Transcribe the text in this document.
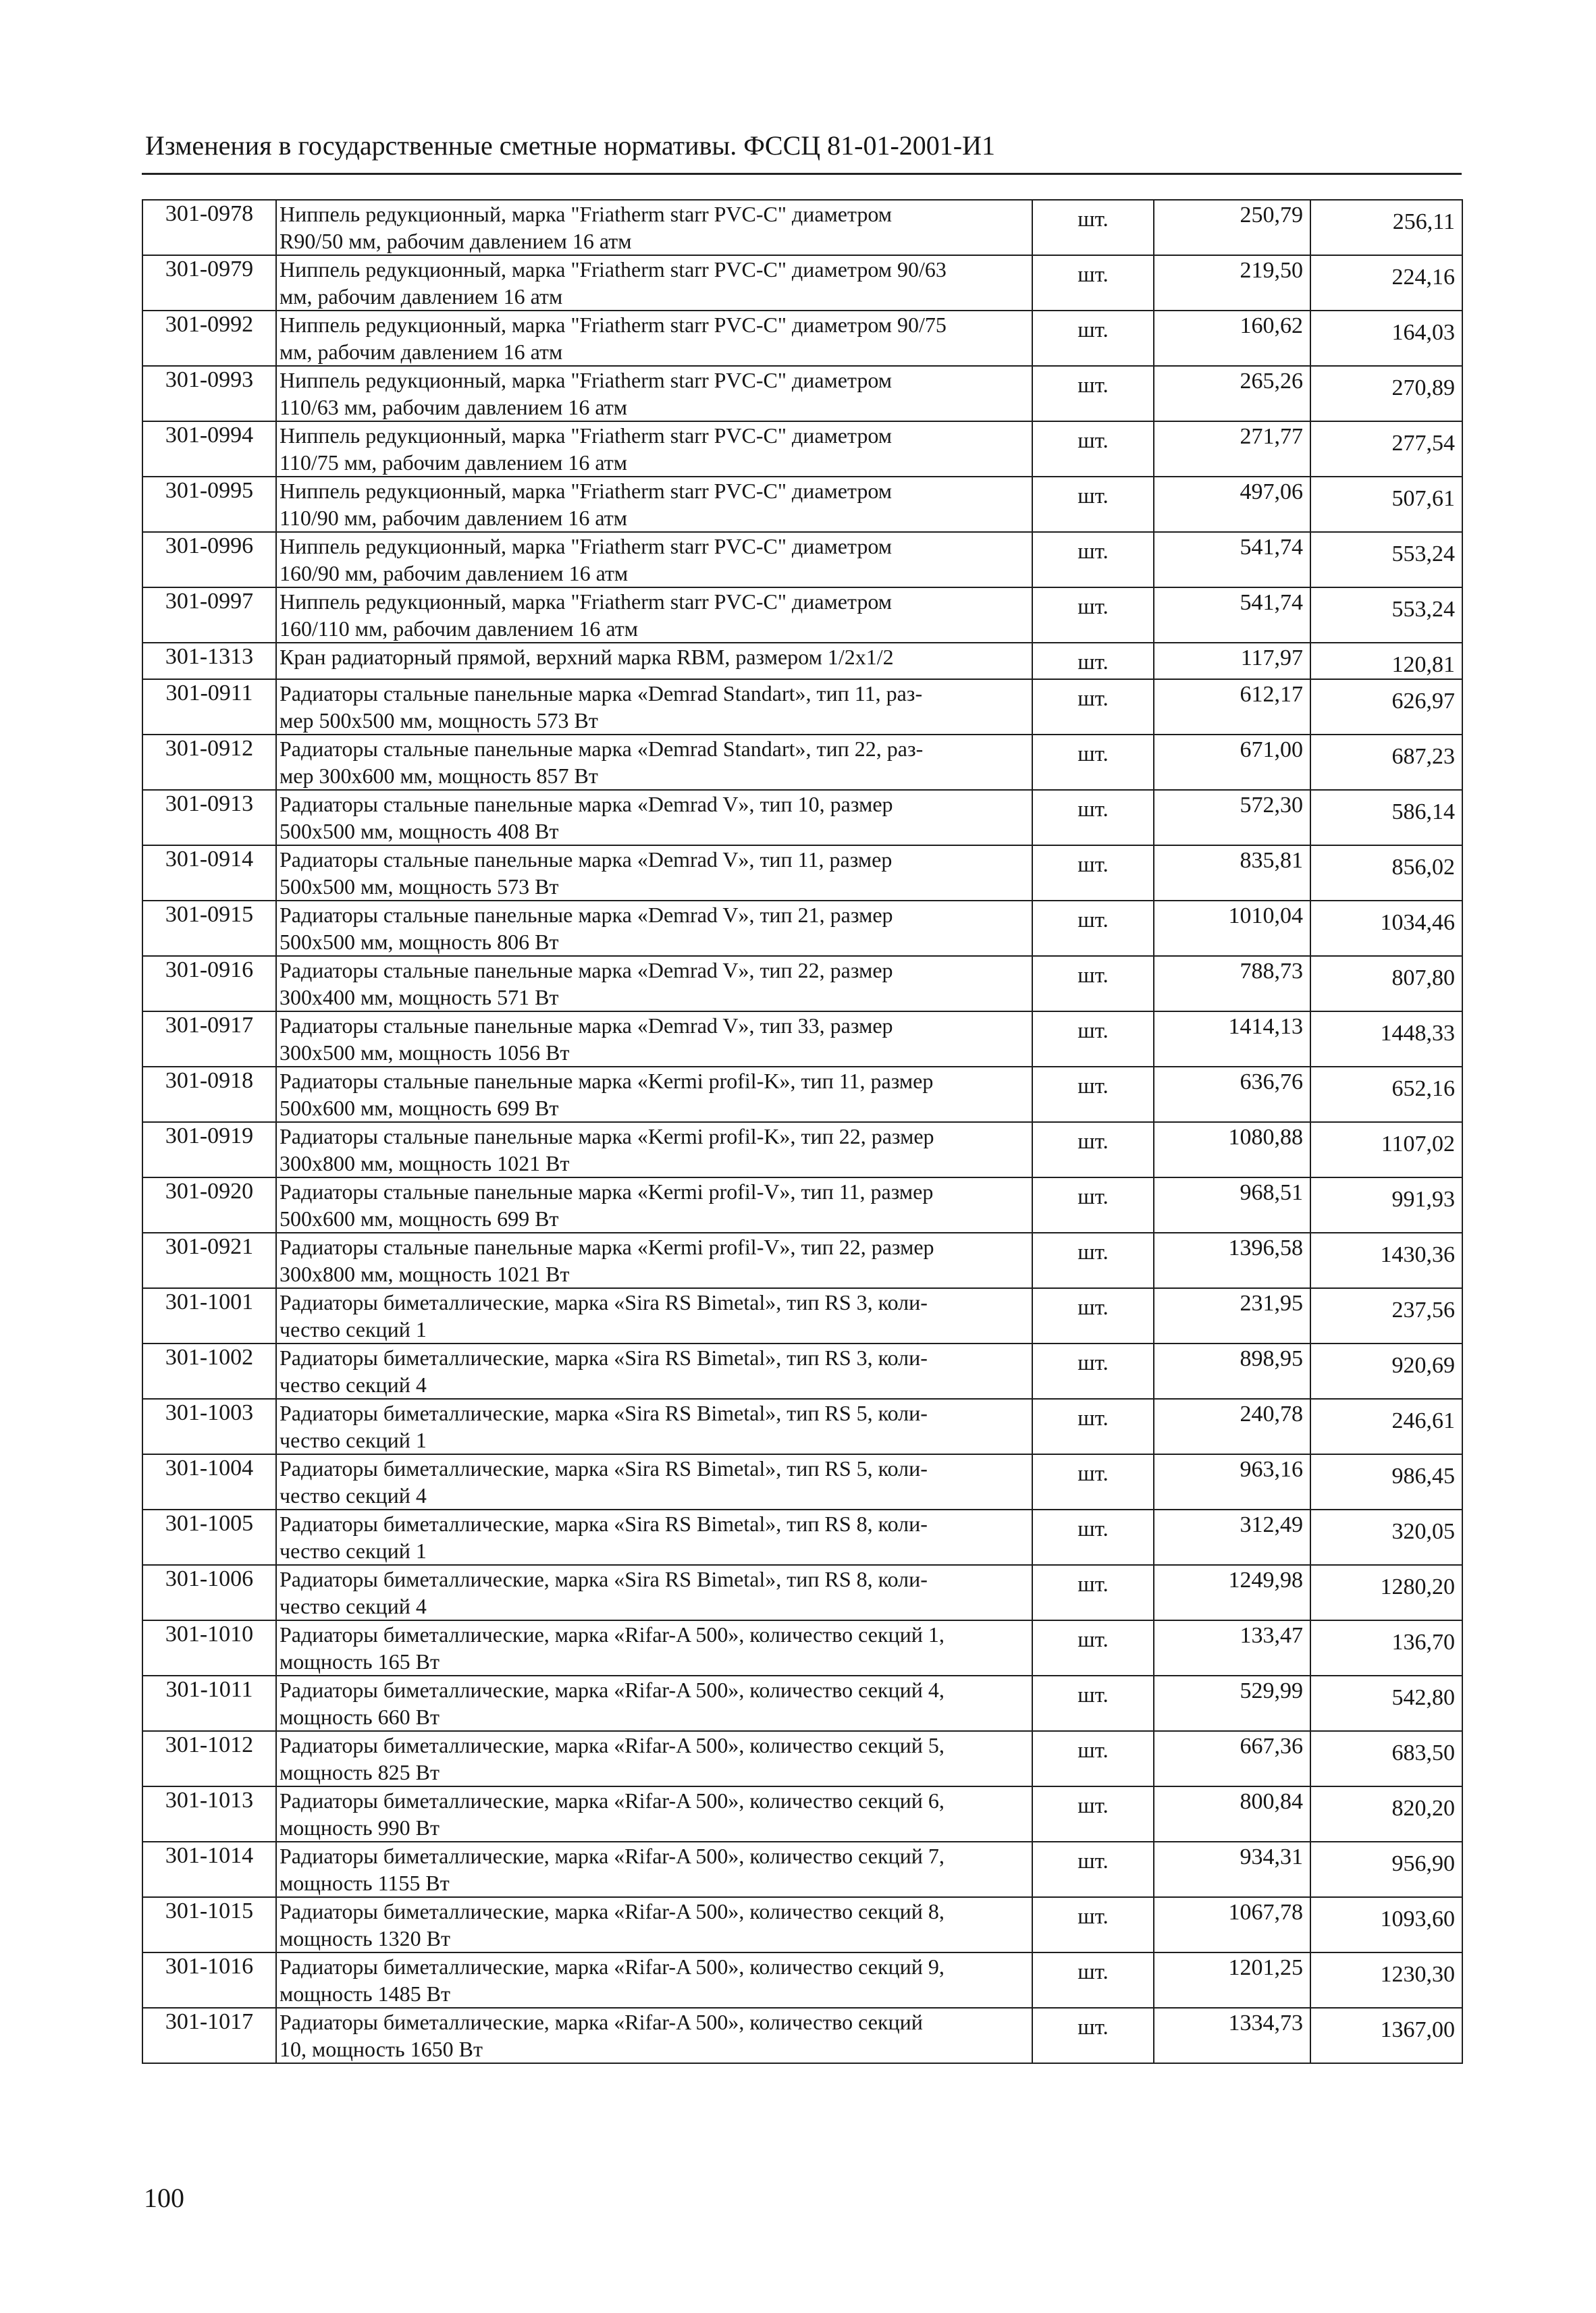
Изменения в государственные сметные нормативы. ФССЦ 81-01-2001-И1
301-0978	Ниппель редукционный, марка "Friatherm starr PVC-C" диаметром
R90/50 мм, рабочим давлением 16 атм	шт.	250,79	256,11
301-0979	Ниппель редукционный, марка "Friatherm starr PVC-C" диаметром 90/63
мм, рабочим давлением 16 атм	шт.	219,50	224,16
301-0992	Ниппель редукционный, марка "Friatherm starr PVC-C" диаметром 90/75
мм, рабочим давлением 16 атм	шт.	160,62	164,03
301-0993	Ниппель редукционный, марка "Friatherm starr PVC-C" диаметром
110/63 мм, рабочим давлением 16 атм	шт.	265,26	270,89
301-0994	Ниппель редукционный, марка "Friatherm starr PVC-C" диаметром
110/75 мм, рабочим давлением 16 атм	шт.	271,77	277,54
301-0995	Ниппель редукционный, марка "Friatherm starr PVC-C" диаметром
110/90 мм, рабочим давлением 16 атм	шт.	497,06	507,61
301-0996	Ниппель редукционный, марка "Friatherm starr PVC-C" диаметром
160/90 мм, рабочим давлением 16 атм	шт.	541,74	553,24
301-0997	Ниппель редукционный, марка "Friatherm starr PVC-C" диаметром
160/110 мм, рабочим давлением 16 атм	шт.	541,74	553,24
301-1313	Кран радиаторный прямой, верхний марка RBM, размером 1/2x1/2	шт.	117,97	120,81
301-0911	Радиаторы стальные панельные марка «Demrad Standart», тип 11, раз-
мер 500x500 мм, мощность 573 Вт	шт.	612,17	626,97
301-0912	Радиаторы стальные панельные марка «Demrad Standart», тип 22, раз-
мер 300x600 мм, мощность 857 Вт	шт.	671,00	687,23
301-0913	Радиаторы стальные панельные марка «Demrad V», тип 10, размер
500x500 мм, мощность 408 Вт	шт.	572,30	586,14
301-0914	Радиаторы стальные панельные марка «Demrad V», тип 11, размер
500x500 мм, мощность 573 Вт	шт.	835,81	856,02
301-0915	Радиаторы стальные панельные марка «Demrad V», тип 21, размер
500x500 мм, мощность 806 Вт	шт.	1010,04	1034,46
301-0916	Радиаторы стальные панельные марка «Demrad V», тип 22, размер
300x400 мм, мощность 571 Вт	шт.	788,73	807,80
301-0917	Радиаторы стальные панельные марка «Demrad V», тип 33, размер
300x500 мм, мощность 1056 Вт	шт.	1414,13	1448,33
301-0918	Радиаторы стальные панельные марка «Kermi profil-K», тип 11, размер
500x600 мм, мощность 699 Вт	шт.	636,76	652,16
301-0919	Радиаторы стальные панельные марка «Kermi profil-K», тип 22, размер
300x800 мм, мощность 1021 Вт	шт.	1080,88	1107,02
301-0920	Радиаторы стальные панельные марка «Kermi profil-V», тип 11, размер
500x600 мм, мощность 699 Вт	шт.	968,51	991,93
301-0921	Радиаторы стальные панельные марка «Kermi profil-V», тип 22, размер
300x800 мм, мощность 1021 Вт	шт.	1396,58	1430,36
301-1001	Радиаторы биметаллические, марка «Sira RS Bimetal», тип RS 3, коли-
чество секций 1	шт.	231,95	237,56
301-1002	Радиаторы биметаллические, марка «Sira RS Bimetal», тип RS 3, коли-
чество секций 4	шт.	898,95	920,69
301-1003	Радиаторы биметаллические, марка «Sira RS Bimetal», тип RS 5, коли-
чество секций 1	шт.	240,78	246,61
301-1004	Радиаторы биметаллические, марка «Sira RS Bimetal», тип RS 5, коли-
чество секций 4	шт.	963,16	986,45
301-1005	Радиаторы биметаллические, марка «Sira RS Bimetal», тип RS 8, коли-
чество секций 1	шт.	312,49	320,05
301-1006	Радиаторы биметаллические, марка «Sira RS Bimetal», тип RS 8, коли-
чество секций 4	шт.	1249,98	1280,20
301-1010	Радиаторы биметаллические, марка «Rifar-A 500», количество секций 1,
мощность 165 Вт	шт.	133,47	136,70
301-1011	Радиаторы биметаллические, марка «Rifar-A 500», количество секций 4,
мощность 660 Вт	шт.	529,99	542,80
301-1012	Радиаторы биметаллические, марка «Rifar-A 500», количество секций 5,
мощность 825 Вт	шт.	667,36	683,50
301-1013	Радиаторы биметаллические, марка «Rifar-A 500», количество секций 6,
мощность 990 Вт	шт.	800,84	820,20
301-1014	Радиаторы биметаллические, марка «Rifar-A 500», количество секций 7,
мощность 1155 Вт	шт.	934,31	956,90
301-1015	Радиаторы биметаллические, марка «Rifar-A 500», количество секций 8,
мощность 1320 Вт	шт.	1067,78	1093,60
301-1016	Радиаторы биметаллические, марка «Rifar-A 500», количество секций 9,
мощность 1485 Вт	шт.	1201,25	1230,30
301-1017	Радиаторы биметаллические, марка «Rifar-A 500», количество секций
10, мощность 1650 Вт	шт.	1334,73	1367,00
100
